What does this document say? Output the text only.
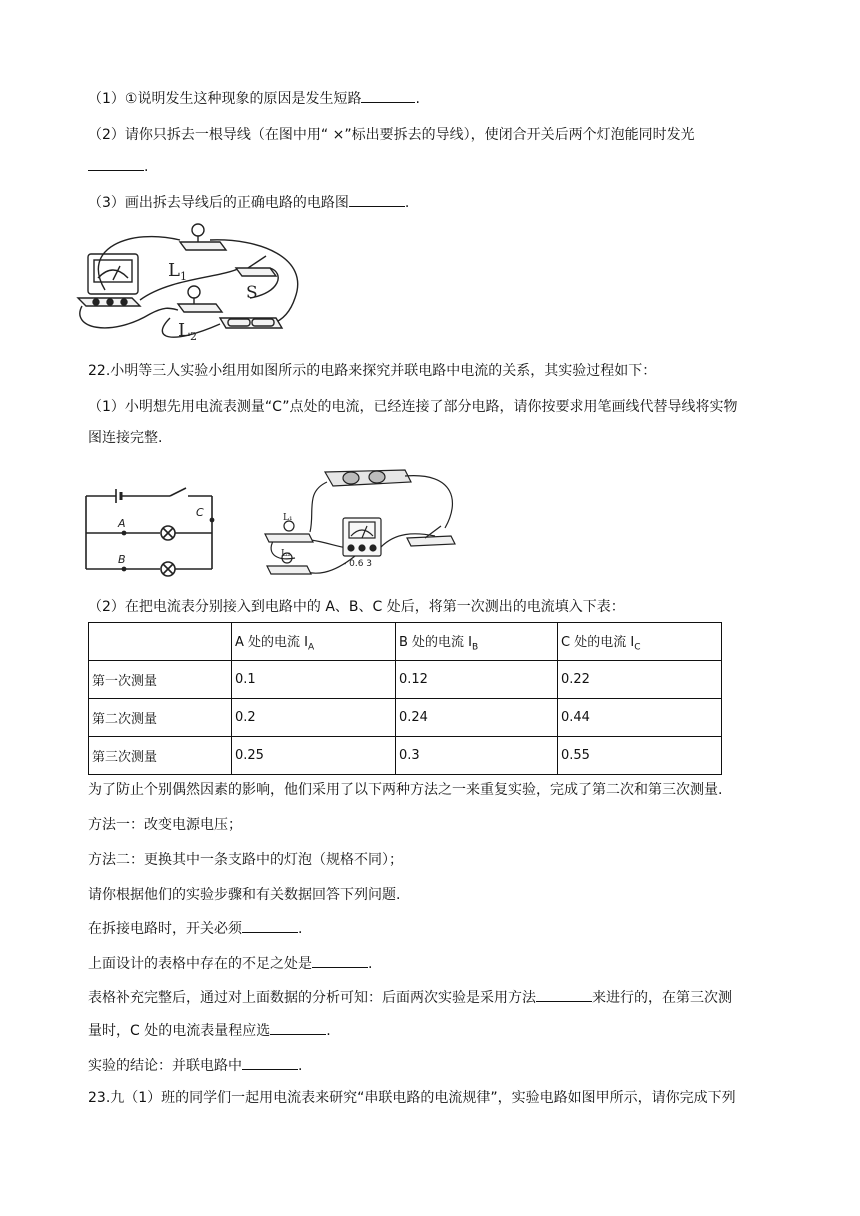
（1）①说明发生这种现象的原因是发生短路	.
（2）请你只拆去一根导线（在图中用“ ×”标出要拆去的导线），使闭合开关后两个灯泡能同时发光
.
（3）画出拆去导线后的正确电路的电路图	.
$L_1$
$L_2$
S
22.小明等三人实验小组用如图所示的电路来探究并联电路中电流的关系，其实验过程如下：
（1）小明想先用电流表测量“C”点处的电流，已经连接了部分电路，请你按要求用笔画线代替导线将实物
图连接完整.
A
B
C	L₁
L₂
- 0.6 3
（2）在把电流表分别接入到电路中的 A、B、C 处后，将第一次测出的电流填入下表：
	A 处的电流 $I_A$	B 处的电流 $I_B$	C 处的电流 $I_C$
第一次测量	0.1	0.12	0.22
第二次测量	0.2	0.24	0.44
第三次测量	0.25	0.3	0.55
为了防止个别偶然因素的影响，他们采用了以下两种方法之一来重复实验，完成了第二次和第三次测量.
方法一：改变电源电压；
方法二：更换其中一条支路中的灯泡（规格不同）；
请你根据他们的实验步骤和有关数据回答下列问题.
在拆接电路时，开关必须	.
上面设计的表格中存在的不足之处是	.
表格补充完整后，通过对上面数据的分析可知：后面两次实验是采用方法	来进行的，在第三次测
量时，C 处的电流表量程应选	.
实验的结论：并联电路中	.
23.九（1）班的同学们一起用电流表来研究“串联电路的电流规律”，实验电路如图甲所示，请你完成下列
